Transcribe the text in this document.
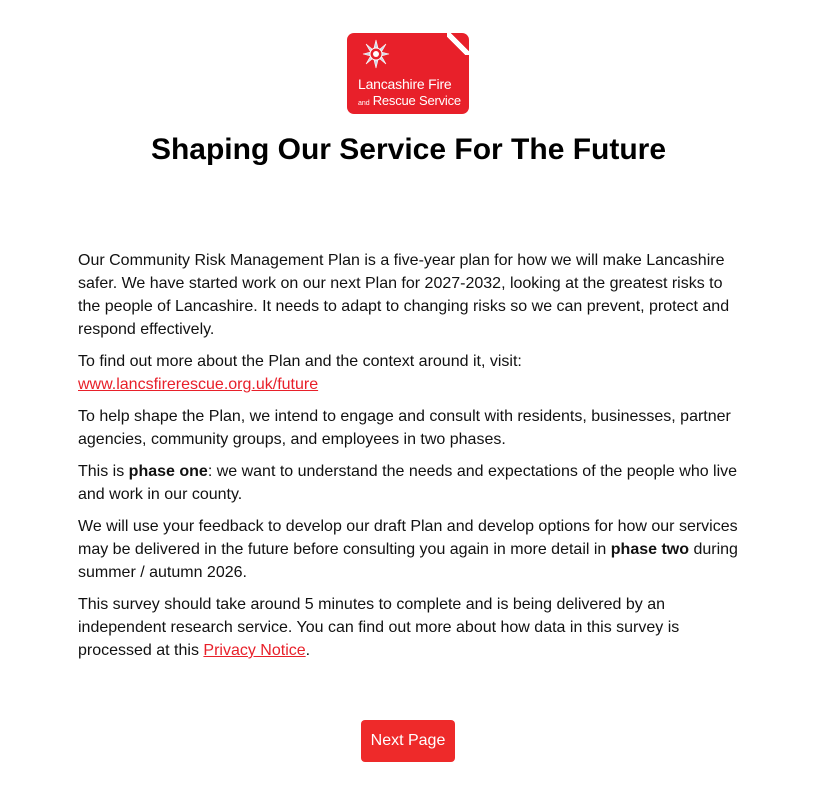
Lancashire Fire
and Rescue Service
Shaping Our Service For The Future

Our Community Risk Management Plan is a five-year plan for how we will make Lancashire safer. We have started work on our next Plan for 2027-2032, looking at the greatest risks to the people of Lancashire. It needs to adapt to changing risks so we can prevent, protect and respond effectively.

To find out more about the Plan and the context around it, visit:
www.lancsfirerescue.org.uk/future

To help shape the Plan, we intend to engage and consult with residents, businesses, partner agencies, community groups, and employees in two phases.

This is phase one: we want to understand the needs and expectations of the people who live and work in our county.

We will use your feedback to develop our draft Plan and develop options for how our services may be delivered in the future before consulting you again in more detail in phase two during summer / autumn 2026.

This survey should take around 5 minutes to complete and is being delivered by an independent research service. You can find out more about how data in this survey is processed at this Privacy Notice.

Next Page
